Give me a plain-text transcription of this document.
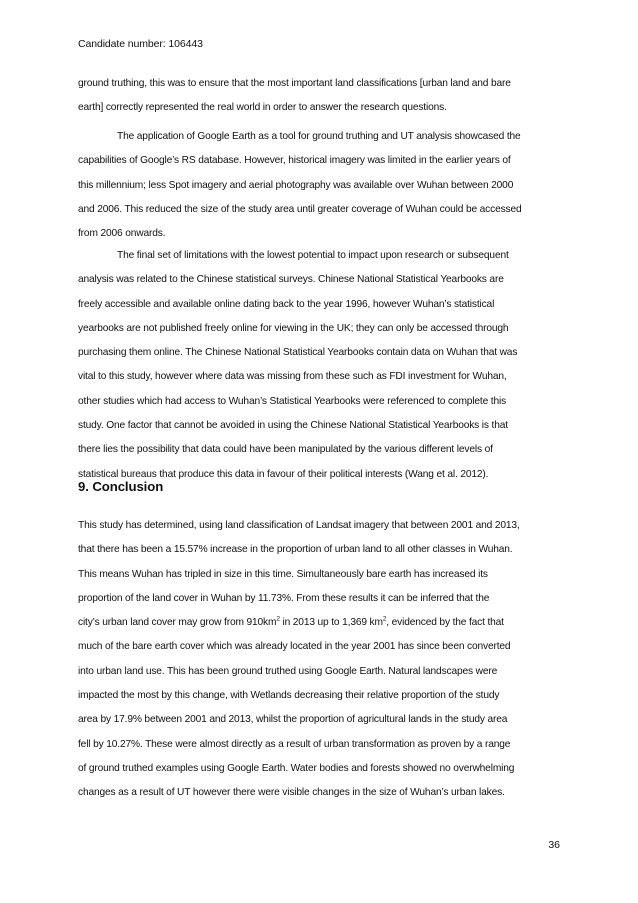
Candidate number: 106443
ground truthing, this was to ensure that the most important land classifications [urban land and bare
earth] correctly represented the real world in order to answer the research questions.
The application of Google Earth as a tool for ground truthing and UT analysis showcased the
capabilities of Google’s RS database. However, historical imagery was limited in the earlier years of
this millennium; less Spot imagery and aerial photography was available over Wuhan between 2000
and 2006. This reduced the size of the study area until greater coverage of Wuhan could be accessed
from 2006 onwards.
The final set of limitations with the lowest potential to impact upon research or subsequent
analysis was related to the Chinese statistical surveys. Chinese National Statistical Yearbooks are
freely accessible and available online dating back to the year 1996, however Wuhan’s statistical
yearbooks are not published freely online for viewing in the UK; they can only be accessed through
purchasing them online. The Chinese National Statistical Yearbooks contain data on Wuhan that was
vital to this study, however where data was missing from these such as FDI investment for Wuhan,
other studies which had access to Wuhan’s Statistical Yearbooks were referenced to complete this
study. One factor that cannot be avoided in using the Chinese National Statistical Yearbooks is that
there lies the possibility that data could have been manipulated by the various different levels of
statistical bureaus that produce this data in favour of their political interests (Wang et al. 2012).
9. Conclusion
This study has determined, using land classification of Landsat imagery that between 2001 and 2013,
that there has been a 15.57% increase in the proportion of urban land to all other classes in Wuhan.
This means Wuhan has tripled in size in this time. Simultaneously bare earth has increased its
proportion of the land cover in Wuhan by 11.73%. From these results it can be inferred that the
city’s urban land cover may grow from $910km^2$ in 2013 up to 1,369 $km^2$, evidenced by the fact that
much of the bare earth cover which was already located in the year 2001 has since been converted
into urban land use. This has been ground truthed using Google Earth. Natural landscapes were
impacted the most by this change, with Wetlands decreasing their relative proportion of the study
area by 17.9% between 2001 and 2013, whilst the proportion of agricultural lands in the study area
fell by 10.27%. These were almost directly as a result of urban transformation as proven by a range
of ground truthed examples using Google Earth. Water bodies and forests showed no overwhelming
changes as a result of UT however there were visible changes in the size of Wuhan’s urban lakes.
36
